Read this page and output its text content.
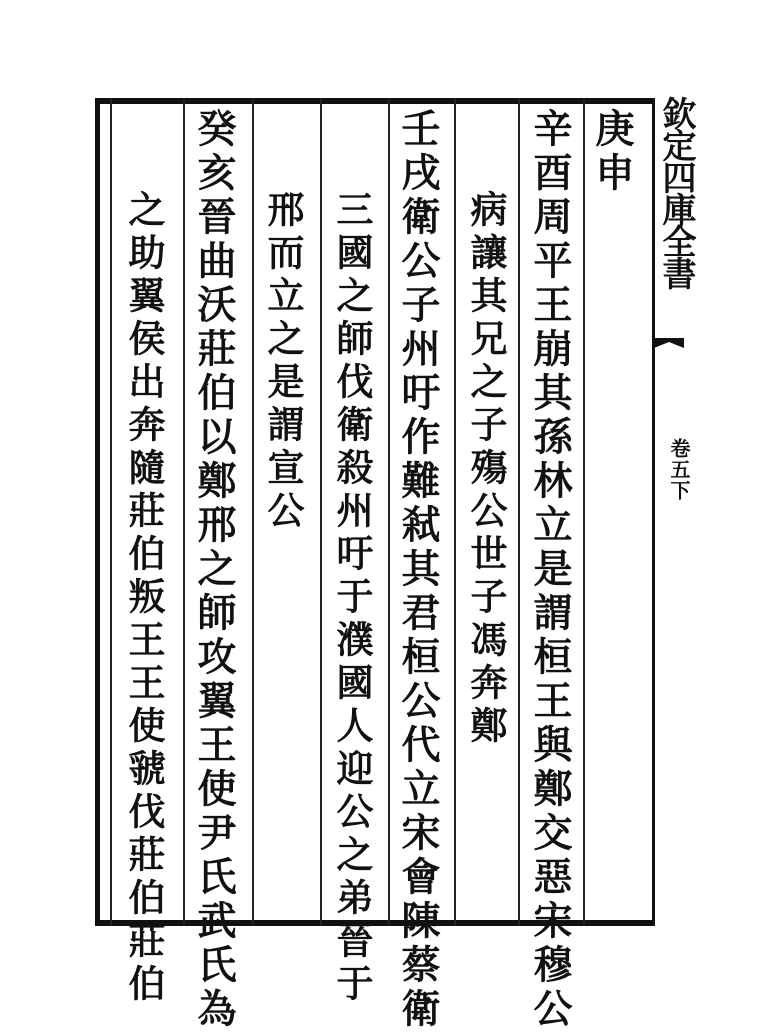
欽定四庫全書
卷五下
庚申
辛酉周平王崩其孫林立是謂桓王與鄭交惡宋穆公
病讓其兄之子殤公世子馮奔鄭
壬戌衛公子州吁作難弒其君桓公代立宋會陳蔡衛
三國之師伐衛殺州吁于濮國人迎公之弟晉于
邢而立之是謂宣公
癸亥晉曲沃莊伯以鄭邢之師攻翼王使尹氏武氏為
之助翼侯出奔隨莊伯叛王王使虢伐莊伯莊伯
